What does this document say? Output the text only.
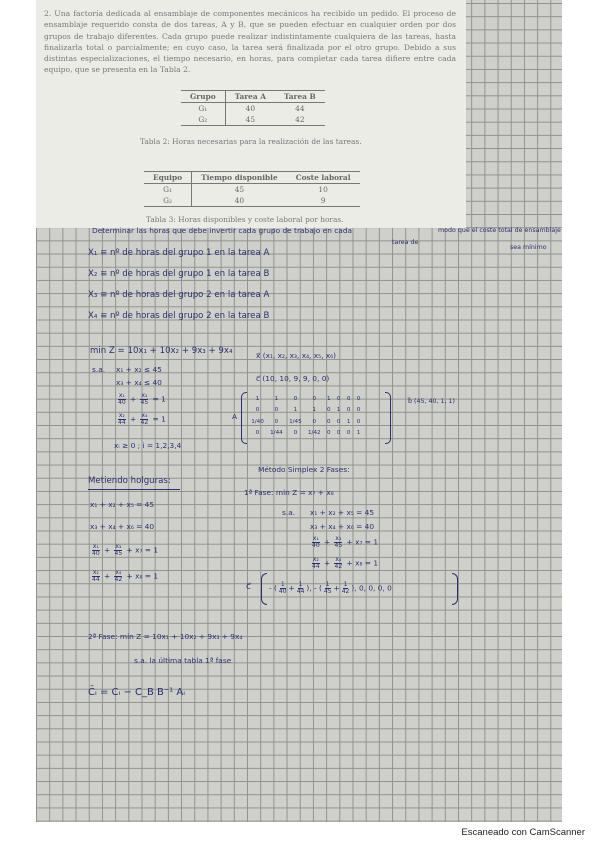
2. Una factoría dedicada al ensamblaje de componentes mecánicos ha recibido un pedido. El proceso de ensamblaje requerido consta de dos tareas, A y B, que se pueden efectuar en cualquier orden por dos grupos de trabajo diferentes. Cada grupo puede realizar indistintamente cualquiera de las tareas, hasta finalizarla total o parcialmente; en cuyo caso, la tarea será finalizada por el otro grupo. Debido a sus distintas especializaciones, el tiempo necesario, en horas, para completar cada tarea difiere entre cada equipo, que se presenta en la Tabla 2.

Grupo	Tarea A	Tarea B
G₁	40	44
G₂	45	42

Tabla 2: Horas necesarias para la realización de las tareas.

Equipo	Tiempo disponible	Coste laboral
G₁	45	10
G₂	40	9

Tabla 3: Horas disponibles y coste laboral por horas.

Determinar las horas que debe invertir cada grupo de trabajo en cada
tarea de
modo que el coste total de ensamblaje
sea mínimo
X₁ ≡ nº de horas del grupo 1 en la tarea A
X₂ ≡ nº de horas del grupo 1 en la tarea B
X₃ ≡ nº de horas del grupo 2 en la tarea A
X₄ ≡ nº de horas del grupo 2 en la tarea B
min Z = 10x₁ + 10x₂ + 9x₃ + 9x₄
s.a. x₁ + x₂ ≤ 45
x₃ + x₄ ≤ 40
$\frac{\text{x₁}}{40} + \frac{\text{x₃}}{45} = 1$
$\frac{\text{x₂}}{44} + \frac{\text{x₄}}{42} = 1$
xᵢ ≥ 0 ; i = 1,2,3,4
x⃗ (x₁, x₂, x₃, x₄, x₅, x₆)
c⃗ (10, 10, 9, 9, 0, 0)
A
1	1	0	0	1	0	0	0
0	0	1	1	0	1	0	0
1/40	0	1/45	0	0	0	1	0
0	1/44	0	1/42	0	0	0	1
b⃗ (45, 40, 1, 1)
Método Simplex 2 Fases:
Metiendo holguras:
x₁ + x₂ + x₅ = 45
x₃ + x₄ + x₆ = 40
$\frac{\text{x₁}}{40} + \frac{\text{x₃}}{45} + x_7 = 1$
$\frac{\text{x₂}}{44} + \frac{\text{x₄}}{42} + x_8 = 1$
1ª Fase: min Z = x₇ + x₈
s.a. x₁ + x₂ + x₅ = 45
x₃ + x₄ + x₆ = 40
$\frac{\text{x₁}}{40} + \frac{\text{x₃}}{45} + x_7 = 1$
$\frac{\text{x₂}}{44} + \frac{\text{x₄}}{42} + x_8 = 1$
c⃗ - ( $\frac{1}{40} + \frac{1}{44}$ ), - ( $\frac{1}{45} + \frac{1}{42}$ ), 0, 0, 0, 0
2ª Fase: min Z = 10x₁ + 10x₂ + 9x₃ + 9x₄
s.a. la última tabla 1ª fase
C̄ᵢ = Cᵢ − C_B B⁻¹ Aᵢ
Escaneado con CamScanner
